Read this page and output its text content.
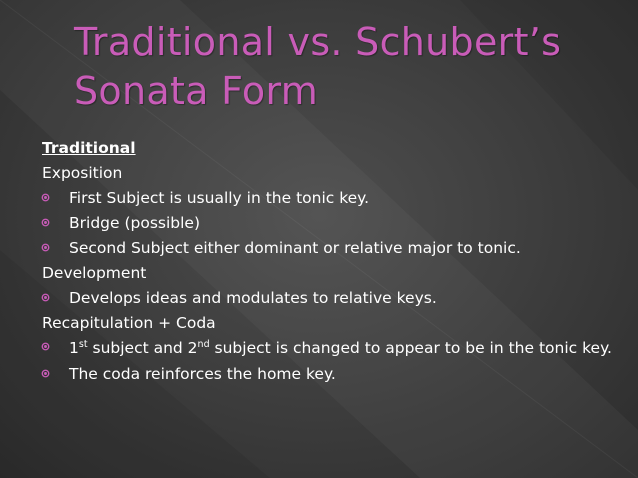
Traditional vs. Schubert’s Sonata Form
Traditional
Exposition
First Subject is usually in the tonic key.
Bridge (possible)
Second Subject either dominant or relative major to tonic.
Development
Develops ideas and modulates to relative keys.
Recapitulation + Coda
1st subject and 2nd subject is changed to appear to be in the tonic key.
The coda reinforces the home key.
